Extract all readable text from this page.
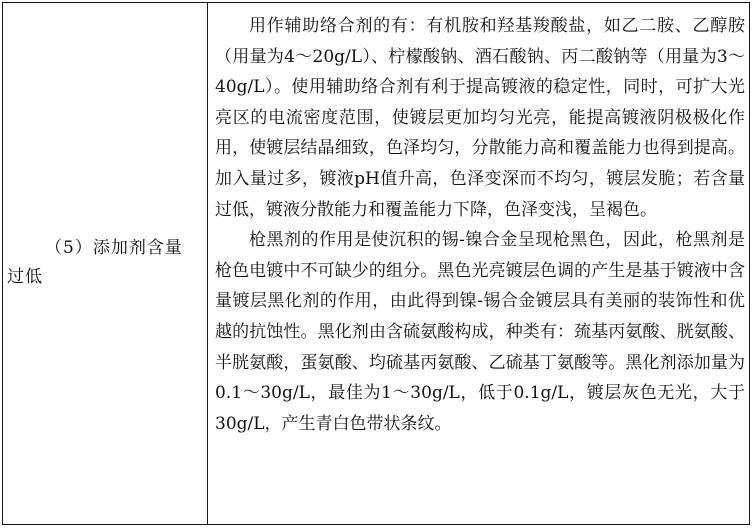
（5）添加剂含量
过低

用作辅助络合剂的有：有机胺和羟基羧酸盐，如乙二胺、乙醇胺（用量为4～20g/L）、柠檬酸钠、酒石酸钠、丙二酸钠等（用量为3～40g/L）。使用辅助络合剂有利于提高镀液的稳定性，同时，可扩大光亮区的电流密度范围，使镀层更加均匀光亮，能提高镀液阴极极化作用，使镀层结晶细致，色泽均匀，分散能力高和覆盖能力也得到提高。加入量过多，镀液pH值升高，色泽变深而不均匀，镀层发脆；若含量过低，镀液分散能力和覆盖能力下降，色泽变浅，呈褐色。

枪黑剂的作用是使沉积的锡-镍合金呈现枪黑色，因此，枪黑剂是枪色电镀中不可缺少的组分。黑色光亮镀层色调的产生是基于镀液中含量镀层黑化剂的作用，由此得到镍-锡合金镀层具有美丽的装饰性和优越的抗蚀性。黑化剂由含硫氨酸构成，种类有：巯基丙氨酸、胱氨酸、半胱氨酸，蛋氨酸、均硫基丙氨酸、乙硫基丁氨酸等。黑化剂添加量为0.1～30g/L，最佳为1～30g/L，低于0.1g/L，镀层灰色无光，大于30g/L，产生青白色带状条纹。
